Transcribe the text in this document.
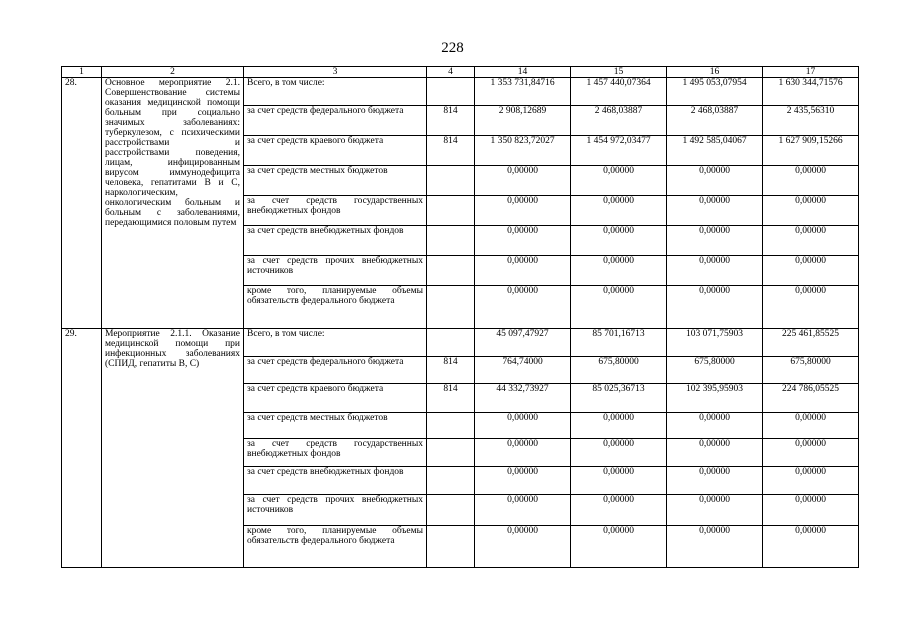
228
1	2	3	4	14	15	16	17
28.	Основное мероприятие 2.1. Совершенствование системы оказания медицинской помощи больным при социально значимых заболеваниях: туберкулезом, с психическими расстройствами и расстройствами поведения, лицам, инфицированным вирусом иммунодефицита человека, гепатитами B и C, наркологическим, онкологическим больным и больным с заболеваниями, передающимися половым путем	Всего, в том числе:		1 353 731,84716	1 457 440,07364	1 495 053,07954	1 630 344,71576
		за счет средств федерального бюджета	814	2 908,12689	2 468,03887	2 468,03887	2 435,56310
		за счет средств краевого бюджета	814	1 350 823,72027	1 454 972,03477	1 492 585,04067	1 627 909,15266
		за счет средств местных бюджетов		0,00000	0,00000	0,00000	0,00000
		за счет средств государственных внебюджетных фондов		0,00000	0,00000	0,00000	0,00000
		за счет средств внебюджетных фондов		0,00000	0,00000	0,00000	0,00000
		за счет средств прочих внебюджетных источников		0,00000	0,00000	0,00000	0,00000
		кроме того, планируемые объемы обязательств федерального бюджета		0,00000	0,00000	0,00000	0,00000
29.	Мероприятие 2.1.1. Оказание медицинской помощи при инфекционных заболеваниях (СПИД, гепатиты B, C)	Всего, в том числе:		45 097,47927	85 701,16713	103 071,75903	225 461,85525
		за счет средств федерального бюджета	814	764,74000	675,80000	675,80000	675,80000
		за счет средств краевого бюджета	814	44 332,73927	85 025,36713	102 395,95903	224 786,05525
		за счет средств местных бюджетов		0,00000	0,00000	0,00000	0,00000
		за счет средств государственных внебюджетных фондов		0,00000	0,00000	0,00000	0,00000
		за счет средств внебюджетных фондов		0,00000	0,00000	0,00000	0,00000
		за счет средств прочих внебюджетных источников		0,00000	0,00000	0,00000	0,00000
		кроме того, планируемые объемы обязательств федерального бюджета		0,00000	0,00000	0,00000	0,00000
